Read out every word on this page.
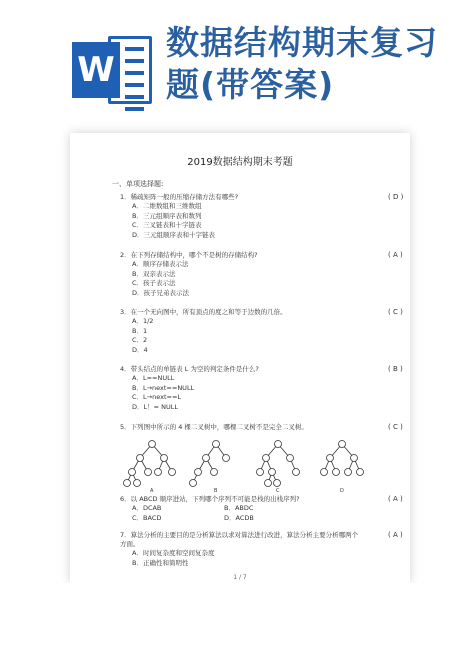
W
数据结构期末复习
题(带答案)
2019数据结构期末考题
一、单项选择题:
1．稀疏矩阵一般的压缩存储方法有哪些?	( D )
A．二维数组和三维数组
B．三元组顺序表和数列
C．三叉链表和十字链表
D．三元组顺序表和十字链表
2．在下列存储结构中，哪个不是树的存储结构?	( A )
A．顺序存储表示法
B．双亲表示法
C．孩子表示法
D．孩子兄弟表示法
3．在一个无向图中，所有顶点的度之和等于边数的几倍。	( C )
A．1/2
B．1
C．2
D．4
4．带头结点的单链表 L 为空的判定条件是什么?	( B )
A．L==NULL
B．L→next==NULL
C．L→next==L
D．L！= NULL
5．下列图中所示的 4 棵二叉树中，哪棵二叉树不是完全二叉树。	( C )
A	B	C	D
6．以 ABCD 顺序进站，下列哪个序列不可能是栈的出栈序列?	( A )
A．DCAB	B．ABDC
C．BACD	D．ACDB
7．算法分析的主要目的是分析算法以求对算法进行改进，算法分析主要分析哪两个方面。
( A )
A．时间复杂度和空间复杂度
B．正确性和简明性
1 / 7
